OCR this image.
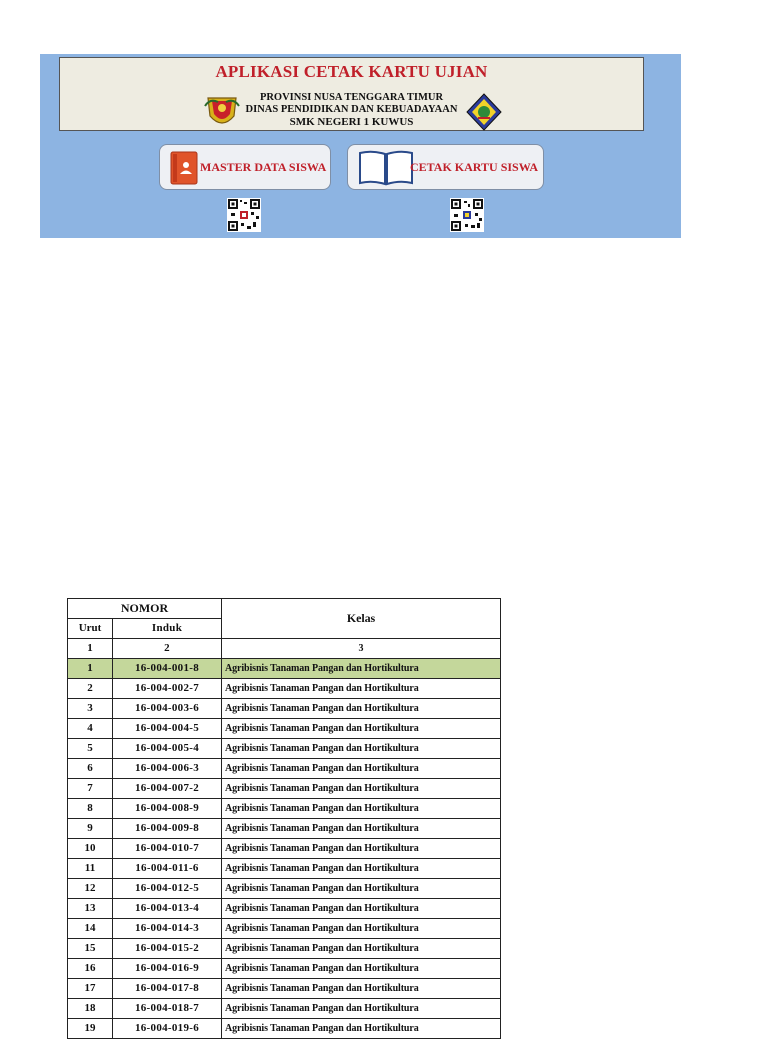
APLIKASI CETAK KARTU UJIAN
PROVINSI NUSA TENGGARA TIMUR
DINAS PENDIDIKAN DAN KEBUADAYAAN
SMK NEGERI 1 KUWUS
MASTER DATA SISWA	CETAK KARTU SISWA
NOMOR		Kelas
Urut	Induk	
1	2	3
1	16-004-001-8	Agribisnis Tanaman Pangan dan Hortikultura
2	16-004-002-7	Agribisnis Tanaman Pangan dan Hortikultura
3	16-004-003-6	Agribisnis Tanaman Pangan dan Hortikultura
4	16-004-004-5	Agribisnis Tanaman Pangan dan Hortikultura
5	16-004-005-4	Agribisnis Tanaman Pangan dan Hortikultura
6	16-004-006-3	Agribisnis Tanaman Pangan dan Hortikultura
7	16-004-007-2	Agribisnis Tanaman Pangan dan Hortikultura
8	16-004-008-9	Agribisnis Tanaman Pangan dan Hortikultura
9	16-004-009-8	Agribisnis Tanaman Pangan dan Hortikultura
10	16-004-010-7	Agribisnis Tanaman Pangan dan Hortikultura
11	16-004-011-6	Agribisnis Tanaman Pangan dan Hortikultura
12	16-004-012-5	Agribisnis Tanaman Pangan dan Hortikultura
13	16-004-013-4	Agribisnis Tanaman Pangan dan Hortikultura
14	16-004-014-3	Agribisnis Tanaman Pangan dan Hortikultura
15	16-004-015-2	Agribisnis Tanaman Pangan dan Hortikultura
16	16-004-016-9	Agribisnis Tanaman Pangan dan Hortikultura
17	16-004-017-8	Agribisnis Tanaman Pangan dan Hortikultura
18	16-004-018-7	Agribisnis Tanaman Pangan dan Hortikultura
19	16-004-019-6	Agribisnis Tanaman Pangan dan Hortikultura
